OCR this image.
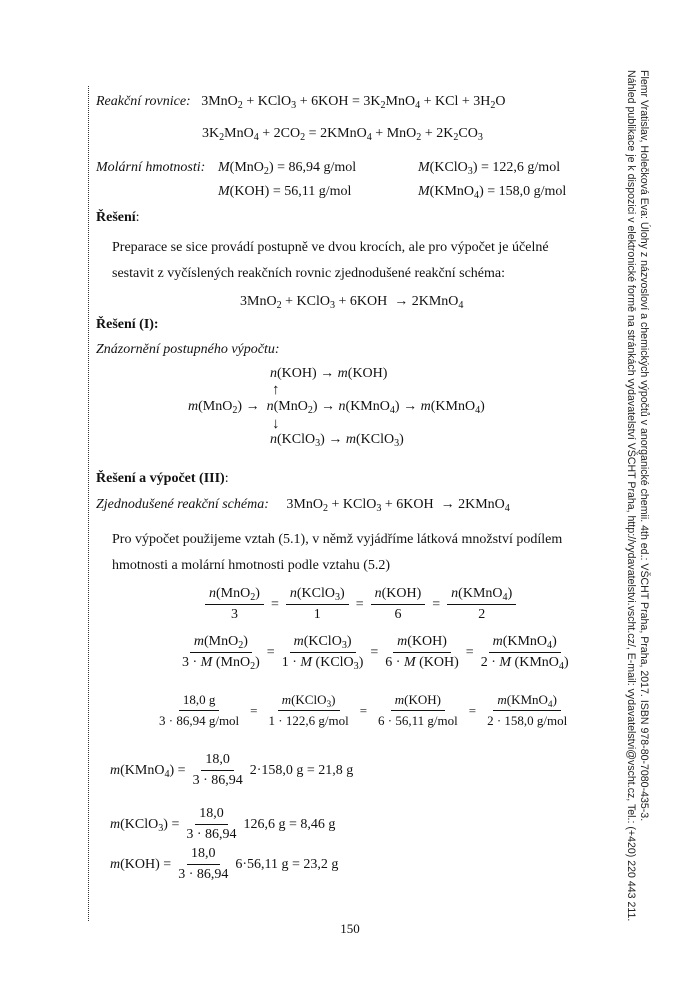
Flemr Vratislav, Holečková Eva: Úlohy z názvosloví a chemických výpočtů v anorganické chemii. 4th ed.: VŠCHT Praha, Praha, 2017. ISBN 978-80-7080-435-3.
Náhled publikace je k dispozici v elektronické formě na stránkách vydavatelství VŠCHT Praha, http://vydavatelstvi.vscht.cz/, E-mail: vydavatelstvi@vscht.cz, Tel.: (+420) 220 443 211.
Reakční rovnice:   3MnO$_2$ + KClO$_3$ + $6KOH = 3K_2MnO_4$ + KCl + $3H_2O$
$3K_2MnO_4 + 2CO_2$ = 2KMnO$_4$ + $MnO_2 + 2K_2CO_3$
Molární hmotnosti: M(MnO$_2$) = 86,94 g/mol	M(KClO$_3$) = 122,6 g/mol
M(KOH) = 56,11 g/mol	M(KMnO$_4$) = 158,0 g/mol
Řešení:
Preparace se sice provádí postupně ve dvou krocích, ale pro výpočet je účelné
sestavit z vyčíslených reakčních rovnic zjednodušené reakční schéma:
3MnO$_2$ + KClO$_3$ + 6KOH  → 2KMnO$_4$
Řešení (I):
Znázornění postupného výpočtu:
n(KOH) → m(KOH)
↑
m(MnO$_2$) →  n(MnO$_2$) → n(KMnO$_4$) → m(KMnO$_4$)
↓
n(KClO$_3$) → m(KClO$_3$)
Řešení a výpočet (III):
Zjednodušené reakční schéma:     3MnO$_2$ + KClO$_3$ + 6KOH  → 2KMnO$_4$
Pro výpočet použijeme vztah (5.1), v němž vyjádříme látková množství podílem
hmotnosti a molární hmotnosti podle vztahu (5.2)
$\frac{n(MnO_2)}{3} = \frac{n(KClO_3)}{1} = \frac{\text{n(KOH)}}{6} = \frac{n(KMnO_4)}{2}$
$\frac{m(MnO_2)}{3 \cdot M (MnO_2)} = \frac{m(KClO_3)}{1 \cdot M (KClO_3)} = \frac{\text{m(KOH)}}{\text{6 · M (KOH)}} = \frac{m(KMnO_4)}{2 \cdot M (KMnO_4)}$
$\frac{18,0 g}{\text{3 · 86,94 g/mol}} = \frac{m(KClO_3)}{\text{1 · 122,6 g/mol}} = \frac{\text{m(KOH)}}{\text{6 · 56,11 g/mol}} = \frac{m(KMnO_4)}{\text{2 · 158,0 g/mol}}$
m(KMnO$_4$) = $\frac{18,0}{3 \cdot 86,94} 2\cdot 158,0$ g = 21,8 g
m(KClO$_3$) = $\frac{18,0}{3 \cdot 86,94} 126,6$ g = 8,46 g
$m(KOH) = \frac{18,0}{3 \cdot 86,94} 6\cdot 56,11$ g = 23,2 g
150
